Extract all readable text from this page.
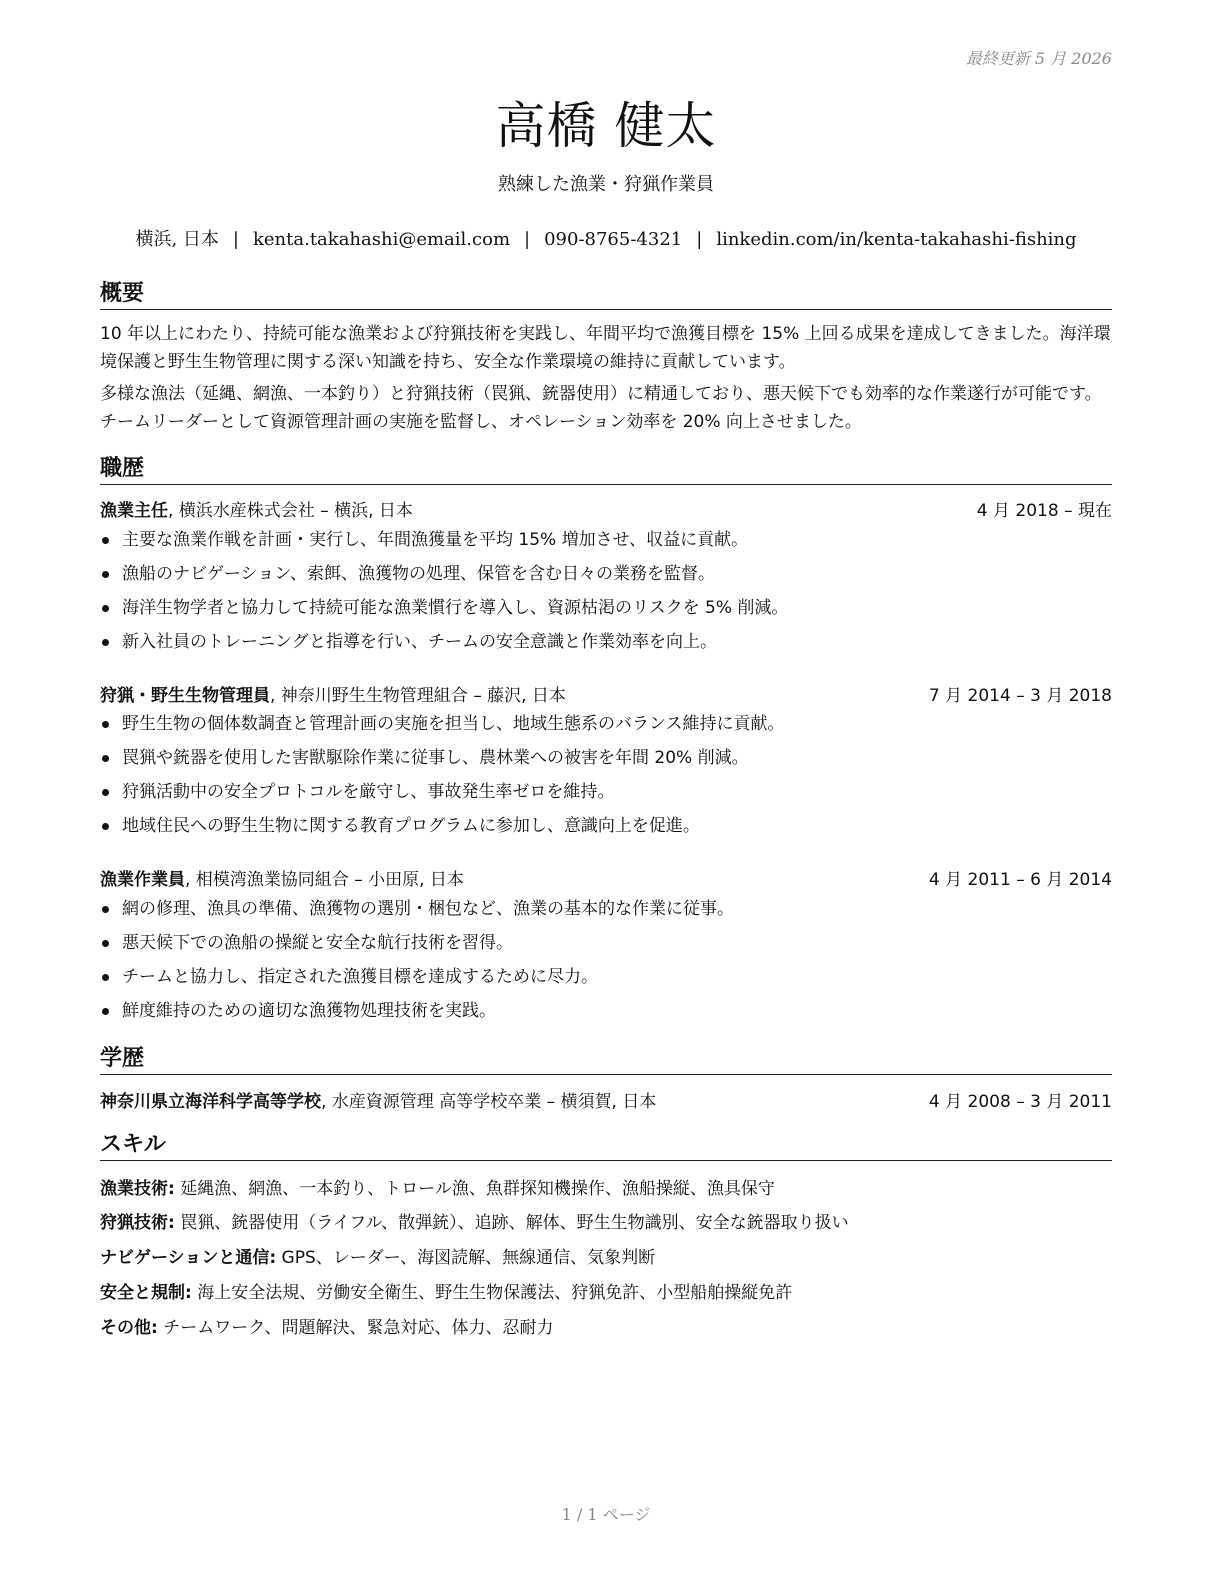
最終更新 5 月 2026
高橋 健太
熟練した漁業・狩猟作業員
横浜, 日本 | kenta.takahashi@email.com | 090-8765-4321 | linkedin.com/in/kenta-takahashi-fishing
概要
10 年以上にわたり、持続可能な漁業および狩猟技術を実践し、年間平均で漁獲目標を 15% 上回る成果を達成してきました。海洋環境保護と野生生物管理に関する深い知識を持ち、安全な作業環境の維持に貢献しています。
多様な漁法（延縄、網漁、一本釣り）と狩猟技術（罠猟、銃器使用）に精通しており、悪天候下でも効率的な作業遂行が可能です。チームリーダーとして資源管理計画の実施を監督し、オペレーション効率を 20% 向上させました。
職歴
漁業主任, 横浜水産株式会社 – 横浜, 日本	4 月 2018 – 現在
主要な漁業作戦を計画・実行し、年間漁獲量を平均 15% 増加させ、収益に貢献。
漁船のナビゲーション、索餌、漁獲物の処理、保管を含む日々の業務を監督。
海洋生物学者と協力して持続可能な漁業慣行を導入し、資源枯渇のリスクを 5% 削減。
新入社員のトレーニングと指導を行い、チームの安全意識と作業効率を向上。
狩猟・野生生物管理員, 神奈川野生生物管理組合 – 藤沢, 日本	7 月 2014 – 3 月 2018
野生生物の個体数調査と管理計画の実施を担当し、地域生態系のバランス維持に貢献。
罠猟や銃器を使用した害獣駆除作業に従事し、農林業への被害を年間 20% 削減。
狩猟活動中の安全プロトコルを厳守し、事故発生率ゼロを維持。
地域住民への野生生物に関する教育プログラムに参加し、意識向上を促進。
漁業作業員, 相模湾漁業協同組合 – 小田原, 日本	4 月 2011 – 6 月 2014
網の修理、漁具の準備、漁獲物の選別・梱包など、漁業の基本的な作業に従事。
悪天候下での漁船の操縦と安全な航行技術を習得。
チームと協力し、指定された漁獲目標を達成するために尽力。
鮮度維持のための適切な漁獲物処理技術を実践。
学歴
神奈川県立海洋科学高等学校, 水産資源管理 高等学校卒業 – 横須賀, 日本	4 月 2008 – 3 月 2011
スキル
漁業技術: 延縄漁、網漁、一本釣り、トロール漁、魚群探知機操作、漁船操縦、漁具保守
狩猟技術: 罠猟、銃器使用（ライフル、散弾銃）、追跡、解体、野生生物識別、安全な銃器取り扱い
ナビゲーションと通信: GPS、レーダー、海図読解、無線通信、気象判断
安全と規制: 海上安全法規、労働安全衛生、野生生物保護法、狩猟免許、小型船舶操縦免許
その他: チームワーク、問題解決、緊急対応、体力、忍耐力
1 / 1 ページ
